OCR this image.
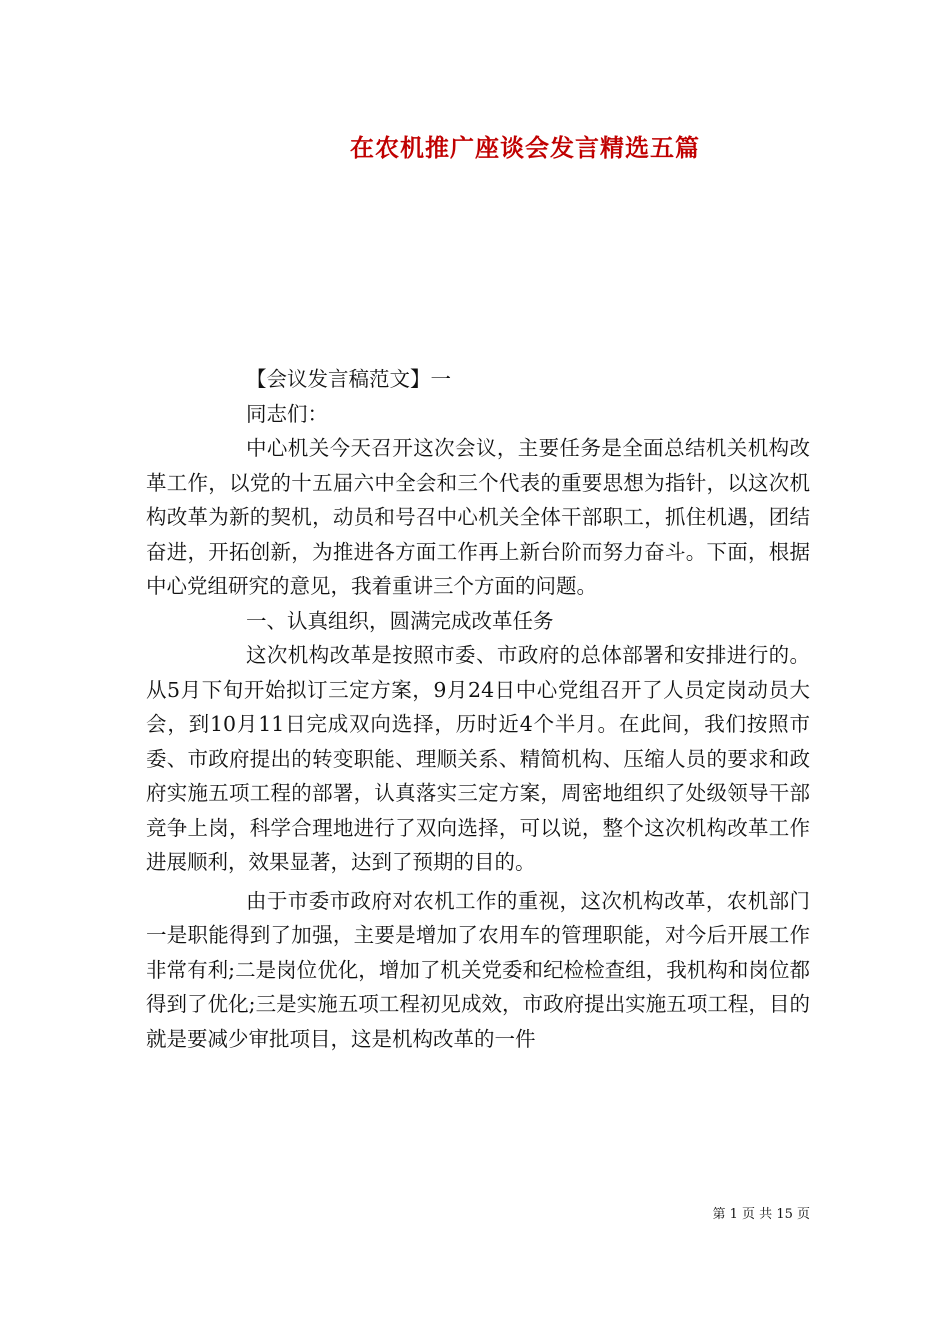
在农机推广座谈会发言精选五篇

【会议发言稿范文】一

同志们：

中心机关今天召开这次会议，主要任务是全面总结机关机构改革工作，以党的十五届六中全会和三个代表的重要思想为指针，以这次机构改革为新的契机，动员和号召中心机关全体干部职工，抓住机遇，团结奋进，开拓创新，为推进各方面工作再上新台阶而努力奋斗。下面，根据中心党组研究的意见，我着重讲三个方面的问题。

一、认真组织，圆满完成改革任务

这次机构改革是按照市委、市政府的总体部署和安排进行的。从5月下旬开始拟订三定方案，9月24日中心党组召开了人员定岗动员大会，到10月11日完成双向选择，历时近4个半月。在此间，我们按照市委、市政府提出的转变职能、理顺关系、精简机构、压缩人员的要求和政府实施五项工程的部署，认真落实三定方案，周密地组织了处级领导干部竞争上岗，科学合理地进行了双向选择，可以说，整个这次机构改革工作进展顺利，效果显著，达到了预期的目的。

由于市委市政府对农机工作的重视，这次机构改革，农机部门一是职能得到了加强，主要是增加了农用车的管理职能，对今后开展工作非常有利;二是岗位优化，增加了机关党委和纪检检查组，我机构和岗位都得到了优化;三是实施五项工程初见成效，市政府提出实施五项工程，目的就是要减少审批项目，这是机构改革的一件

第 1 页 共 15 页
